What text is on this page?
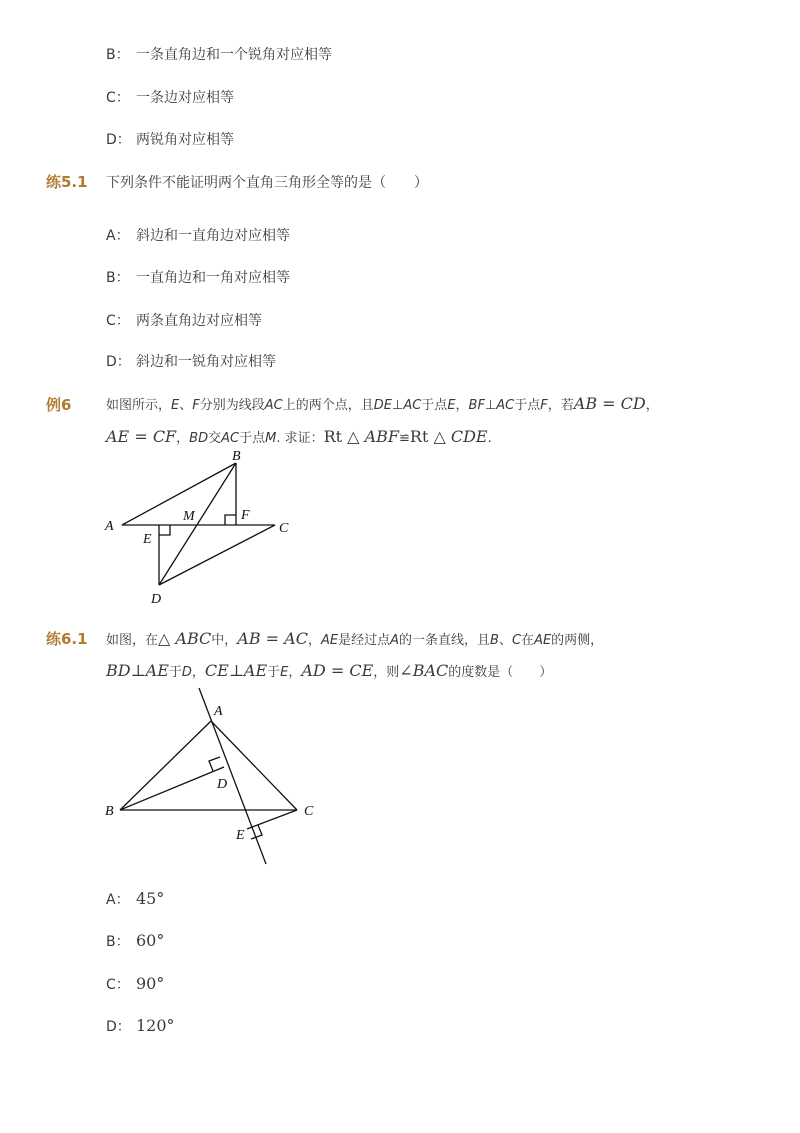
B： 一条直角边和一个锐角对应相等
C： 一条边对应相等
D： 两锐角对应相等
练5.1 下列条件不能证明两个直角三角形全等的是（　　）
A： 斜边和一直角边对应相等
B： 一直角边和一角对应相等
C： 两条直角边对应相等
D： 斜边和一锐角对应相等
例6	如图所示，E、F分别为线段AC上的两个点，且DE⊥AC于点E，BF⊥AC于点F，若AB = CD，
AE = CF，BD交AC于点M. 求证：Rt △ ABF≌Rt △ CDE.
A
B
C
D
E
F
M
练6.1 如图，在△ ABC中，AB = AC，AE是经过点A的一条直线，且B、C在AE的两侧，
BD⊥AE于D，CE⊥AE于E，AD = CE，则∠BAC的度数是（　　）
A
B	C
D
E
A： 45°
B： 60°
C： 90°
D： 120°
